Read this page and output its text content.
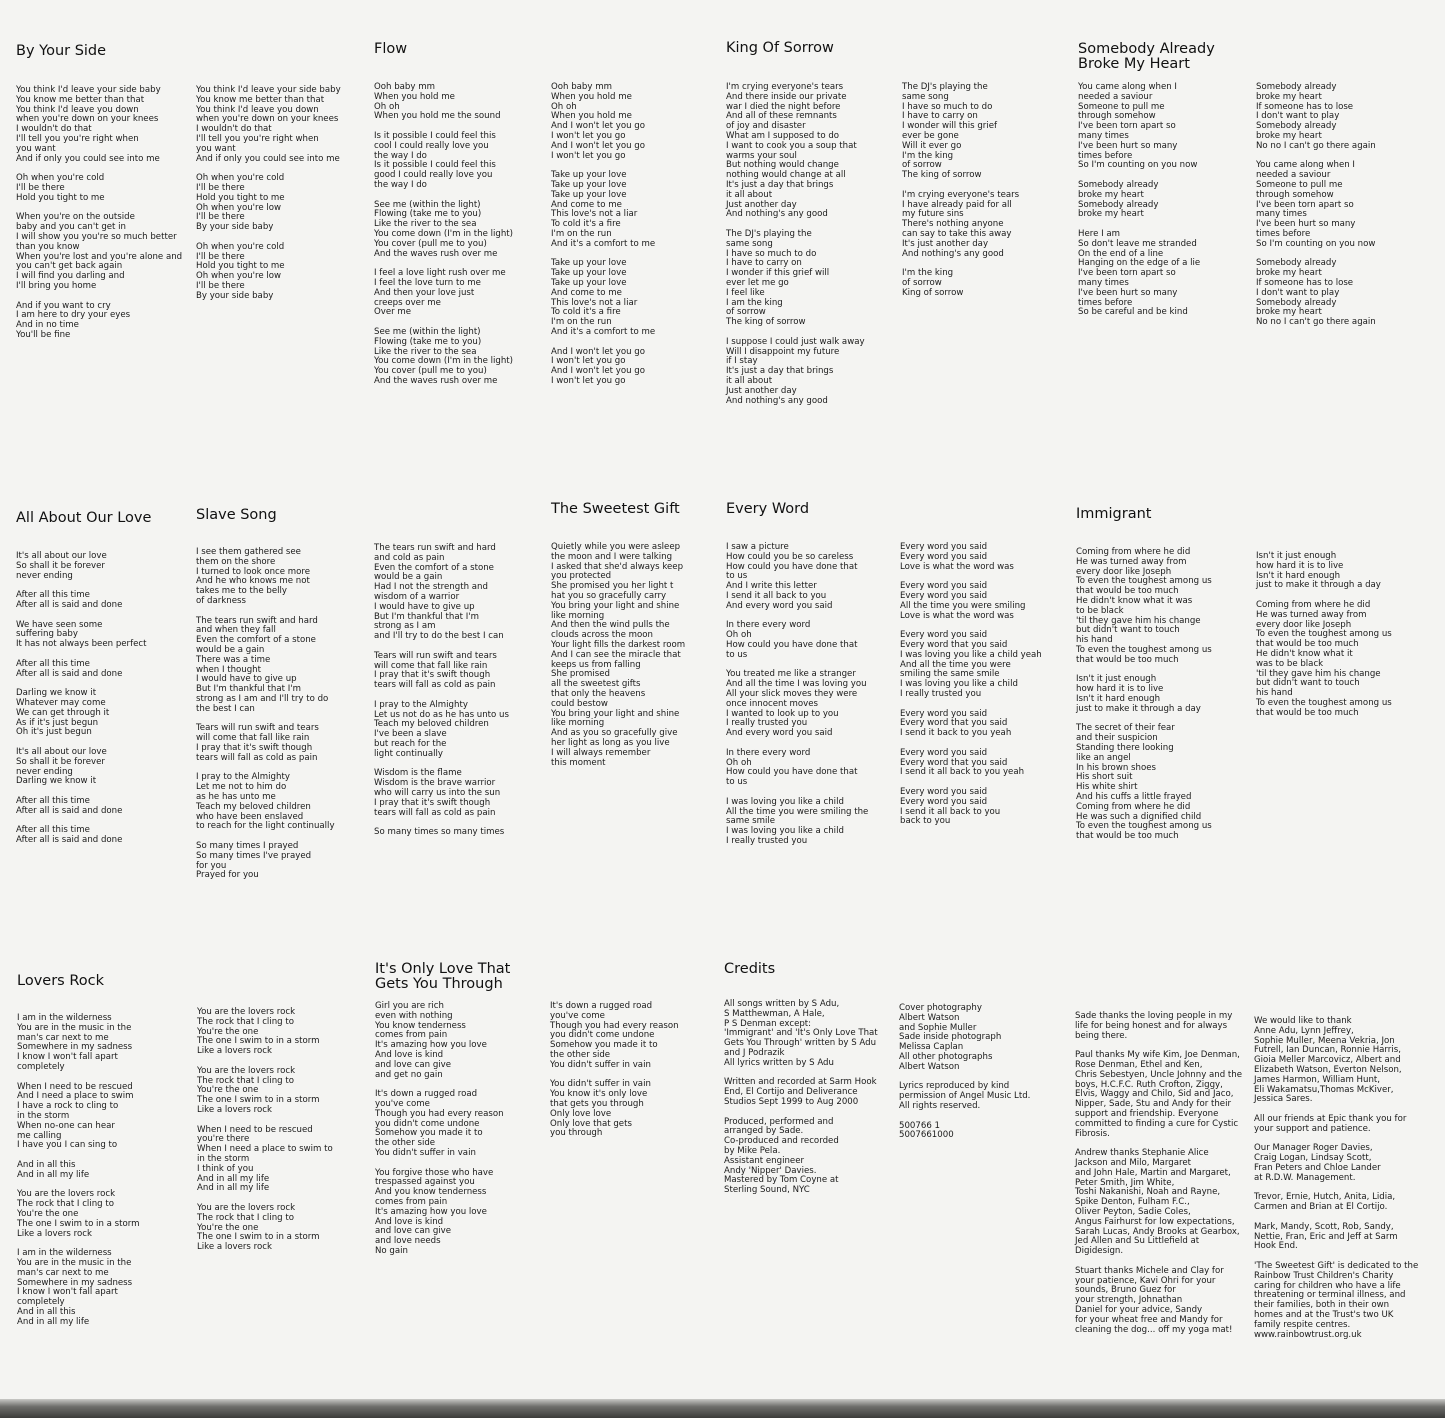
By Your Side

You think I'd leave your side baby
You know me better than that
You think I'd leave you down
when you're down on your knees
I wouldn't do that
I'll tell you you're right when
you want
And if only you could see into me

Oh when you're cold
I'll be there
Hold you tight to me

When you're on the outside
baby and you can't get in
I will show you you're so much better
than you know
When you're lost and you're alone and
you can't get back again
I will find you darling and
I'll bring you home

And if you want to cry
I am here to dry your eyes
And in no time
You'll be fine

You think I'd leave your side baby
You know me better than that
You think I'd leave you down
when you're down on your knees
I wouldn't do that
I'll tell you you're right when
you want
And if only you could see into me

Oh when you're cold
I'll be there
Hold you tight to me
Oh when you're low
I'll be there
By your side baby

Oh when you're cold
I'll be there
Hold you tight to me
Oh when you're low
I'll be there
By your side baby

Flow

Ooh baby mm
When you hold me
Oh oh
When you hold me the sound

Is it possible I could feel this
cool I could really love you
the way I do
Is it possible I could feel this
good I could really love you
the way I do

See me (within the light)
Flowing (take me to you)
Like the river to the sea
You come down (I'm in the light)
You cover (pull me to you)
And the waves rush over me

I feel a love light rush over me
I feel the love turn to me
And then your love just
creeps over me
Over me

See me (within the light)
Flowing (take me to you)
Like the river to the sea
You come down (I'm in the light)
You cover (pull me to you)
And the waves rush over me

Ooh baby mm
When you hold me
Oh oh
When you hold me
And I won't let you go
I won't let you go
And I won't let you go
I won't let you go

Take up your love
Take up your love
Take up your love
And come to me
This love's not a liar
To cold it's a fire
I'm on the run
And it's a comfort to me

Take up your love
Take up your love
Take up your love
And come to me
This love's not a liar
To cold it's a fire
I'm on the run
And it's a comfort to me

And I won't let you go
I won't let you go
And I won't let you go
I won't let you go

King Of Sorrow

I'm crying everyone's tears
And there inside our private
war I died the night before
And all of these remnants
of joy and disaster
What am I supposed to do
I want to cook you a soup that
warms your soul
But nothing would change
nothing would change at all
It's just a day that brings
it all about
Just another day
And nothing's any good

The DJ's playing the
same song
I have so much to do
I have to carry on
I wonder if this grief will
ever let me go
I feel like
I am the king
of sorrow
The king of sorrow

I suppose I could just walk away
Will I disappoint my future
if I stay
It's just a day that brings
it all about
Just another day
And nothing's any good

The DJ's playing the
same song
I have so much to do
I have to carry on
I wonder will this grief
ever be gone
Will it ever go
I'm the king
of sorrow
The king of sorrow

I'm crying everyone's tears
I have already paid for all
my future sins
There's nothing anyone
can say to take this away
It's just another day
And nothing's any good

I'm the king
of sorrow
King of sorrow

Somebody Already
Broke My Heart

You came along when I
needed a saviour
Someone to pull me
through somehow
I've been torn apart so
many times
I've been hurt so many
times before
So I'm counting on you now

Somebody already
broke my heart
Somebody already
broke my heart

Here I am
So don't leave me stranded
On the end of a line
Hanging on the edge of a lie
I've been torn apart so
many times
I've been hurt so many
times before
So be careful and be kind

Somebody already
broke my heart
If someone has to lose
I don't want to play
Somebody already
broke my heart
No no I can't go there again

You came along when I
needed a saviour
Someone to pull me
through somehow
I've been torn apart so
many times
I've been hurt so many
times before
So I'm counting on you now

Somebody already
broke my heart
If someone has to lose
I don't want to play
Somebody already
broke my heart
No no I can't go there again

All About Our Love

It's all about our love
So shall it be forever
never ending

After all this time
After all is said and done

We have seen some
suffering baby
It has not always been perfect

After all this time
After all is said and done

Darling we know it
Whatever may come
We can get through it
As if it's just begun
Oh it's just begun

It's all about our love
So shall it be forever
never ending
Darling we know it

After all this time
After all is said and done

After all this time
After all is said and done

Slave Song

I see them gathered see
them on the shore
I turned to look once more
And he who knows me not
takes me to the belly
of darkness

The tears run swift and hard
and when they fall
Even the comfort of a stone
would be a gain
There was a time
when I thought
I would have to give up
But I'm thankful that I'm
strong as I am and I'll try to do
the best I can

Tears will run swift and tears
will come that fall like rain
I pray that it's swift though
tears will fall as cold as pain

I pray to the Almighty
Let me not to him do
as he has unto me
Teach my beloved children
who have been enslaved
to reach for the light continually

So many times I prayed
So many times I've prayed
for you
Prayed for you

The tears run swift and hard
and cold as pain
Even the comfort of a stone
would be a gain
Had I not the strength and
wisdom of a warrior
I would have to give up
But I'm thankful that I'm
strong as I am
and I'll try to do the best I can

Tears will run swift and tears
will come that fall like rain
I pray that it's swift though
tears will fall as cold as pain

I pray to the Almighty
Let us not do as he has unto us
Teach my beloved children
I've been a slave
but reach for the
light continually

Wisdom is the flame
Wisdom is the brave warrior
who will carry us into the sun
I pray that it's swift though
tears will fall as cold as pain

So many times so many times

The Sweetest Gift

Quietly while you were asleep
the moon and I were talking
I asked that she'd always keep
you protected
She promised you her light t
hat you so gracefully carry
You bring your light and shine
like morning
And then the wind pulls the
clouds across the moon
Your light fills the darkest room
And I can see the miracle that
keeps us from falling
She promised
all the sweetest gifts
that only the heavens
could bestow
You bring your light and shine
like morning
And as you so gracefully give
her light as long as you live
I will always remember
this moment

Every Word

I saw a picture
How could you be so careless
How could you have done that
to us
And I write this letter
I send it all back to you
And every word you said

In there every word
Oh oh
How could you have done that
to us

You treated me like a stranger
And all the time I was loving you
All your slick moves they were
once innocent moves
I wanted to look up to you
I really trusted you
And every word you said

In there every word
Oh oh
How could you have done that
to us

I was loving you like a child
All the time you were smiling the
same smile
I was loving you like a child
I really trusted you

Every word you said
Every word you said
Love is what the word was

Every word you said
Every word you said
All the time you were smiling
Love is what the word was

Every word you said
Every word that you said
I was loving you like a child yeah
And all the time you were
smiling the same smile
I was loving you like a child
I really trusted you

Every word you said
Every word that you said
I send it back to you yeah

Every word you said
Every word that you said
I send it all back to you yeah

Every word you said
Every word you said
I send it all back to you
back to you

Immigrant

Coming from where he did
He was turned away from
every door like Joseph
To even the toughest among us
that would be too much
He didn't know what it was
to be black
'til they gave him his change
but didn't want to touch
his hand
To even the toughest among us
that would be too much

Isn't it just enough
how hard it is to live
Isn't it hard enough
just to make it through a day

The secret of their fear
and their suspicion
Standing there looking
like an angel
In his brown shoes
His short suit
His white shirt
And his cuffs a little frayed
Coming from where he did
He was such a dignified child
To even the toughest among us
that would be too much

Isn't it just enough
how hard it is to live
Isn't it hard enough
just to make it through a day

Coming from where he did
He was turned away from
every door like Joseph
To even the toughest among us
that would be too much
He didn't know what it
was to be black
'til they gave him his change
but didn't want to touch
his hand
To even the toughest among us
that would be too much

Lovers Rock

I am in the wilderness
You are in the music in the
man's car next to me
Somewhere in my sadness
I know I won't fall apart
completely

When I need to be rescued
And I need a place to swim
I have a rock to cling to
in the storm
When no-one can hear
me calling
I have you I can sing to

And in all this
And in all my life

You are the lovers rock
The rock that I cling to
You're the one
The one I swim to in a storm
Like a lovers rock

I am in the wilderness
You are in the music in the
man's car next to me
Somewhere in my sadness
I know I won't fall apart
completely
And in all this
And in all my life

You are the lovers rock
The rock that I cling to
You're the one
The one I swim to in a storm
Like a lovers rock

You are the lovers rock
The rock that I cling to
You're the one
The one I swim to in a storm
Like a lovers rock

When I need to be rescued
you're there
When I need a place to swim to
in the storm
I think of you
And in all my life
And in all my life

You are the lovers rock
The rock that I cling to
You're the one
The one I swim to in a storm
Like a lovers rock

It's Only Love That
Gets You Through

Girl you are rich
even with nothing
You know tenderness
comes from pain
It's amazing how you love
And love is kind
and love can give
and get no gain

It's down a rugged road
you've come
Though you had every reason
you didn't come undone
Somehow you made it to
the other side
You didn't suffer in vain

You forgive those who have
trespassed against you
And you know tenderness
comes from pain
It's amazing how you love
And love is kind
and love can give
and love needs
No gain

It's down a rugged road
you've come
Though you had every reason
you didn't come undone
Somehow you made it to
the other side
You didn't suffer in vain

You didn't suffer in vain
You know it's only love
that gets you through
Only love love
Only love that gets
you through

Credits

All songs written by S Adu,
S Matthewman, A Hale,
P S Denman except:
'Immigrant' and 'It's Only Love That
Gets You Through' written by S Adu
and J Podrazik
All lyrics written by S Adu

Written and recorded at Sarm Hook
End, El Cortijo and Deliverance
Studios Sept 1999 to Aug 2000

Produced, performed and
arranged by Sade.
Co-produced and recorded
by Mike Pela.
Assistant engineer
Andy 'Nipper' Davies.
Mastered by Tom Coyne at
Sterling Sound, NYC

Cover photography
Albert Watson
and Sophie Muller
Sade inside photograph
Melissa Caplan
All other photographs
Albert Watson

Lyrics reproduced by kind
permission of Angel Music Ltd.
All rights reserved.

500766 1
5007661000

Sade thanks the loving people in my
life for being honest and for always
being there.

Paul thanks My wife Kim, Joe Denman,
Rose Denman, Ethel and Ken,
Chris Sebestyen, Uncle Johnny and the
boys, H.C.F.C. Ruth Crofton, Ziggy,
Elvis, Waggy and Chilo, Sid and Jaco,
Nipper, Sade, Stu and Andy for their
support and friendship. Everyone
committed to finding a cure for Cystic
Fibrosis.

Andrew thanks Stephanie Alice
Jackson and Milo, Margaret
and John Hale, Martin and Margaret,
Peter Smith, Jim White,
Toshi Nakanishi, Noah and Rayne,
Spike Denton, Fulham F.C.,
Oliver Peyton, Sadie Coles,
Angus Fairhurst for low expectations,
Sarah Lucas, Andy Brooks at Gearbox,
Jed Allen and Su Littlefield at
Digidesign.

Stuart thanks Michele and Clay for
your patience, Kavi Ohri for your
sounds, Bruno Guez for
your strength, Johnathan
Daniel for your advice, Sandy
for your wheat free and Mandy for
cleaning the dog... off my yoga mat!

We would like to thank
Anne Adu, Lynn Jeffrey,
Sophie Muller, Meena Vekria, Jon
Futrell, Ian Duncan, Ronnie Harris,
Gioia Meller Marcovicz, Albert and
Elizabeth Watson, Everton Nelson,
James Harmon, William Hunt,
Eli Wakamatsu,Thomas McKiver,
Jessica Sares.

All our friends at Epic thank you for
your support and patience.

Our Manager Roger Davies,
Craig Logan, Lindsay Scott,
Fran Peters and Chloe Lander
at R.D.W. Management.

Trevor, Ernie, Hutch, Anita, Lidia,
Carmen and Brian at El Cortijo.

Mark, Mandy, Scott, Rob, Sandy,
Nettie, Fran, Eric and Jeff at Sarm
Hook End.

'The Sweetest Gift' is dedicated to the
Rainbow Trust Children's Charity
caring for children who have a life
threatening or terminal illness, and
their families, both in their own
homes and at the Trust's two UK
family respite centres.
www.rainbowtrust.org.uk
